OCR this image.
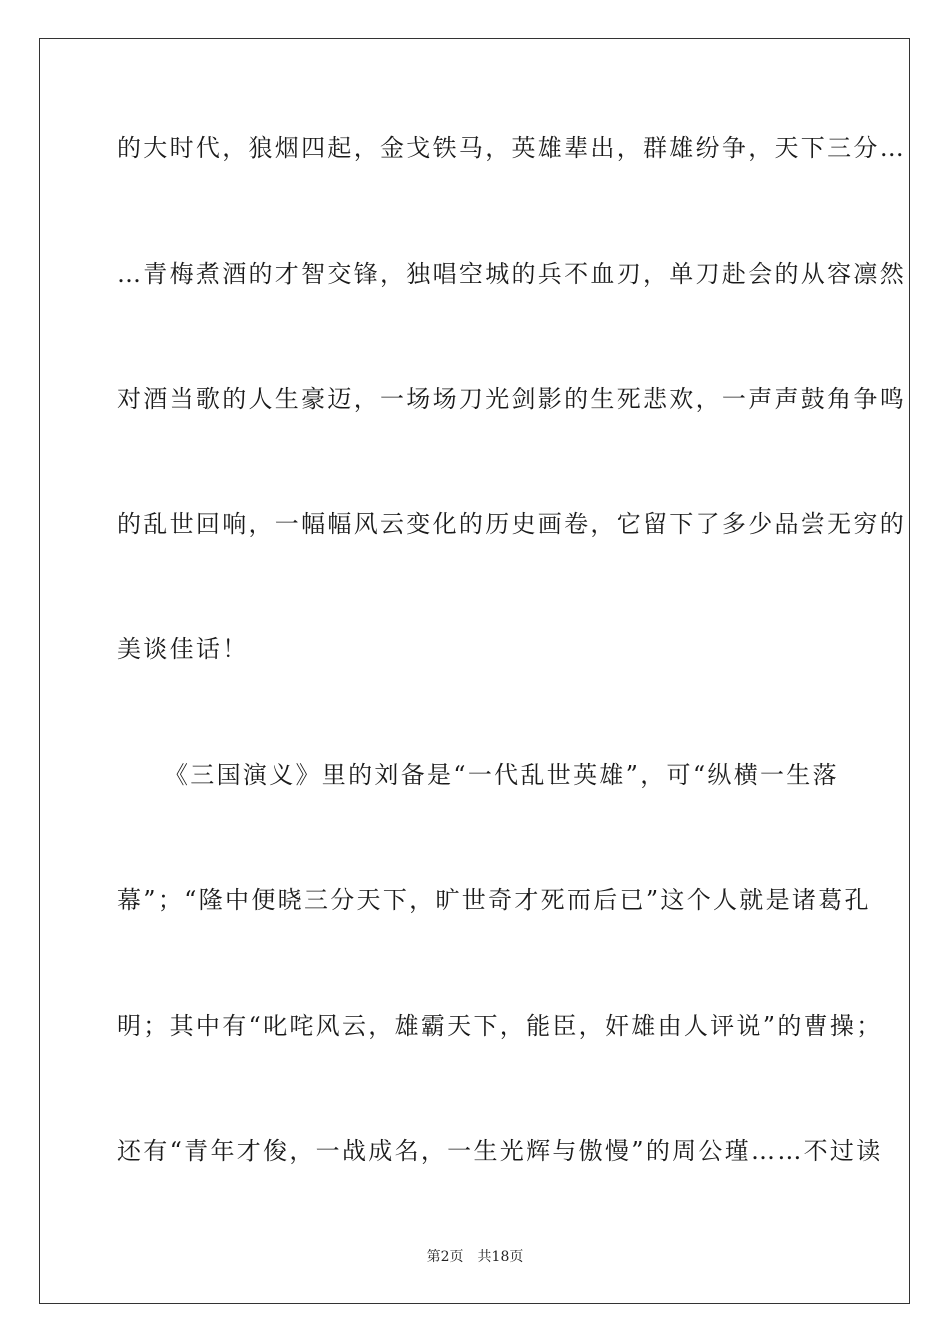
的大时代，狼烟四起，金戈铁马，英雄辈出，群雄纷争，天下三分…
…青梅煮酒的才智交锋，独唱空城的兵不血刃，单刀赴会的从容凛然
对酒当歌的人生豪迈，一场场刀光剑影的生死悲欢，一声声鼓角争鸣
的乱世回响，一幅幅风云变化的历史画卷，它留下了多少品尝无穷的
美谈佳话！
《三国演义》里的刘备是“一代乱世英雄”，可“纵横一生落
幕”；“隆中便晓三分天下，旷世奇才死而后已”这个人就是诸葛孔
明；其中有“叱咤风云，雄霸天下，能臣，奸雄由人评说”的曹操；
还有“青年才俊，一战成名，一生光辉与傲慢”的周公瑾……不过读
第2页 共18页
